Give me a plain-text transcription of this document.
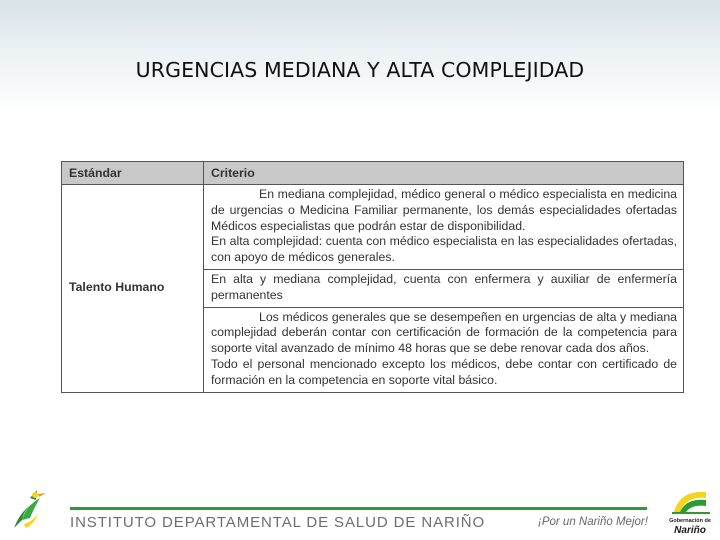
URGENCIAS MEDIANA Y ALTA COMPLEJIDAD
Estándar	Criterio
Talento Humano	En mediana complejidad, médico general o médico especialista en medicina de urgencias o Medicina Familiar permanente, los demás especialidades ofertadas Médicos especialistas que podrán estar de disponibilidad.

En alta complejidad: cuenta con médico especialista en las especialidades ofertadas, con apoyo de médicos generales.

	En alta y mediana complejidad, cuenta con enfermera y auxiliar de enfermería permanentes

	Los médicos generales que se desempeñen en urgencias de alta y mediana complejidad deberán contar con certificación de formación de la competencia para soporte vital avanzado de mínimo 48 horas que se debe renovar cada dos años.

Todo el personal mencionado excepto los médicos, debe contar con certificado de formación en la competencia en soporte vital básico.

INSTITUTO DEPARTAMENTAL DE SALUD DE NARIÑO	¡Por un Nariño Mejor!	Gobernación de
Nariño
